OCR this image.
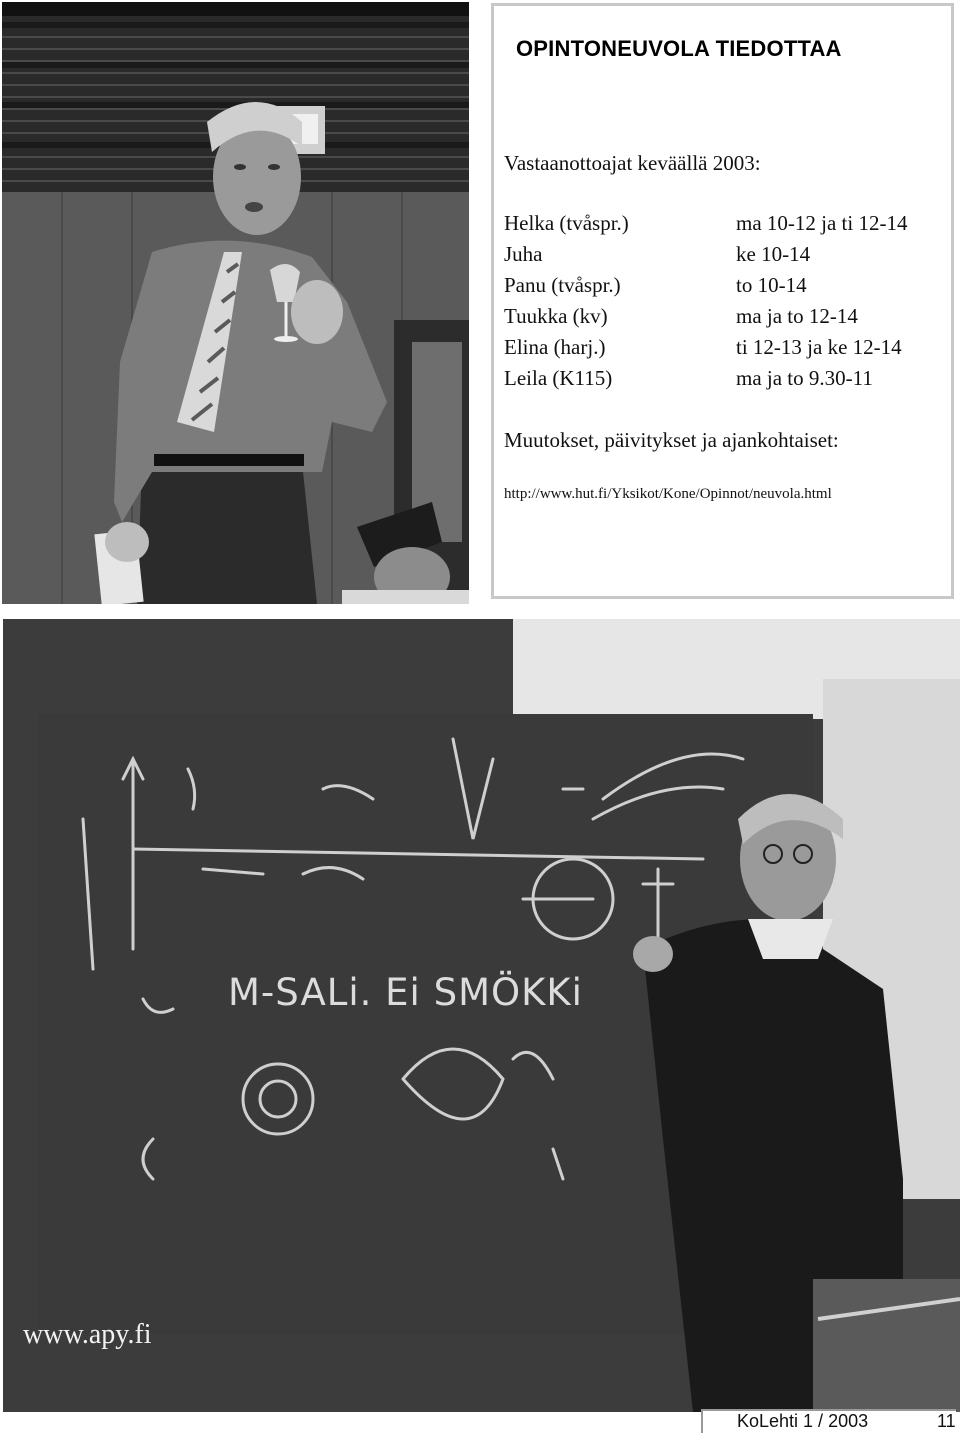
OPINTONEUVOLA TIEDOTTAA
Vastaanottoajat keväällä 2003:
Helka (tvåspr.)	ma 10-12 ja ti 12-14
Juha	ke 10-14
Panu (tvåspr.)	to 10-14
Tuukka (kv)	ma ja to 12-14
Elina (harj.)	ti 12-13 ja ke 12-14
Leila (K115)	ma ja to 9.30-11
Muutokset, päivitykset ja ajankohtaiset:
http://www.hut.fi/Yksikot/Kone/Opinnot/neuvola.html
M-SALi. Ei SMÖKKi
www.apy.fi
KoLehti 1 / 2003	11
